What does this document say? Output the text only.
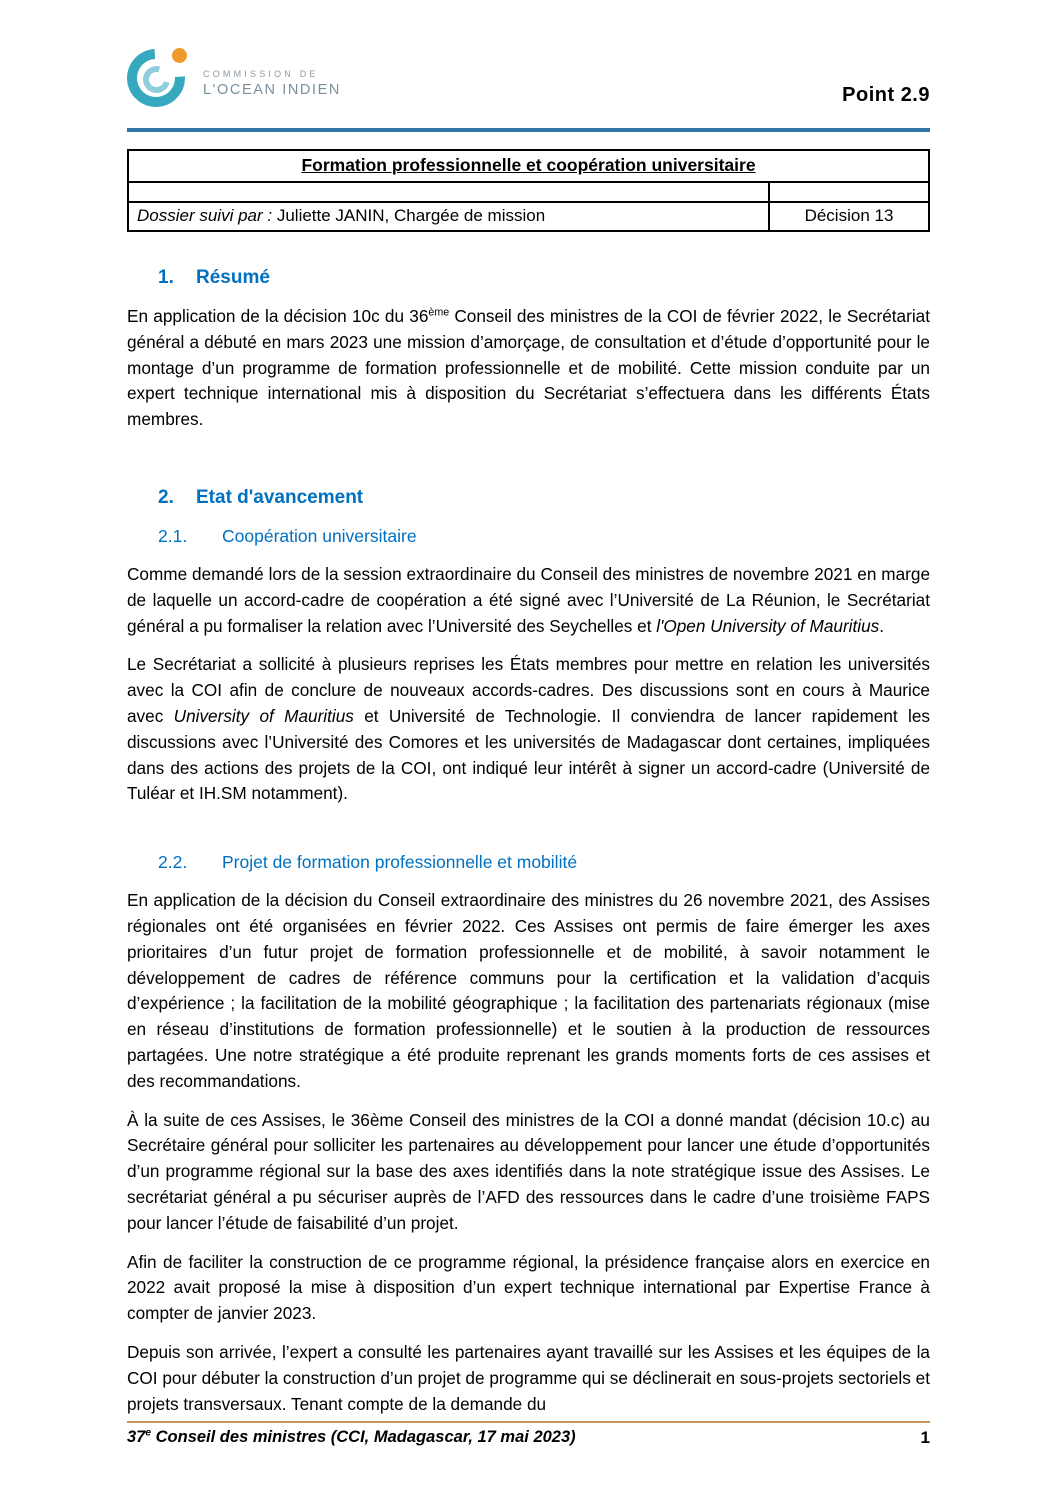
COMMISSION DE
L'OCEAN INDIEN	Point 2.9
Formation professionnelle et coopération universitaire	

Dossier suivi par : Juliette JANIN, Chargée de mission	Décision 13
1. Résumé

En application de la décision 10c du 36ème Conseil des ministres de la COI de février 2022, le Secrétariat général a débuté en mars 2023 une mission d’amorçage, de consultation et d’étude d’opportunité pour le montage d’un programme de formation professionnelle et de mobilité. Cette mission conduite par un expert technique international mis à disposition du Secrétariat s’effectuera dans les différents États membres.

2. Etat d'avancement
2.1. Coopération universitaire

Comme demandé lors de la session extraordinaire du Conseil des ministres de novembre 2021 en marge de laquelle un accord-cadre de coopération a été signé avec l’Université de La Réunion, le Secrétariat général a pu formaliser la relation avec l’Université des Seychelles et l'Open University of Mauritius.

Le Secrétariat a sollicité à plusieurs reprises les États membres pour mettre en relation les universités avec la COI afin de conclure de nouveaux accords-cadres. Des discussions sont en cours à Maurice avec University of Mauritius et Université de Technologie. Il conviendra de lancer rapidement les discussions avec l’Université des Comores et les universités de Madagascar dont certaines, impliquées dans des actions des projets de la COI, ont indiqué leur intérêt à signer un accord-cadre (Université de Tuléar et IH.SM notamment).

2.2. Projet de formation professionnelle et mobilité

En application de la décision du Conseil extraordinaire des ministres du 26 novembre 2021, des Assises régionales ont été organisées en février 2022. Ces Assises ont permis de faire émerger les axes prioritaires d’un futur projet de formation professionnelle et de mobilité, à savoir notamment le développement de cadres de référence communs pour la certification et la validation d’acquis d’expérience ; la facilitation de la mobilité géographique ; la facilitation des partenariats régionaux (mise en réseau d’institutions de formation professionnelle) et le soutien à la production de ressources partagées. Une notre stratégique a été produite reprenant les grands moments forts de ces assises et des recommandations.

À la suite de ces Assises, le 36ème Conseil des ministres de la COI a donné mandat (décision 10.c) au Secrétaire général pour solliciter les partenaires au développement pour lancer une étude d’opportunités d’un programme régional sur la base des axes identifiés dans la note stratégique issue des Assises. Le secrétariat général a pu sécuriser auprès de l’AFD des ressources dans le cadre d’une troisième FAPS pour lancer l’étude de faisabilité d’un projet.

Afin de faciliter la construction de ce programme régional, la présidence française alors en exercice en 2022 avait proposé la mise à disposition d’un expert technique international par Expertise France à compter de janvier 2023.

Depuis son arrivée, l’expert a consulté les partenaires ayant travaillé sur les Assises et les équipes de la COI pour débuter la construction d’un projet de programme qui se déclinerait en sous-projets sectoriels et projets transversaux. Tenant compte de la demande du

37e Conseil des ministres (CCI, Madagascar, 17 mai 2023)	1
